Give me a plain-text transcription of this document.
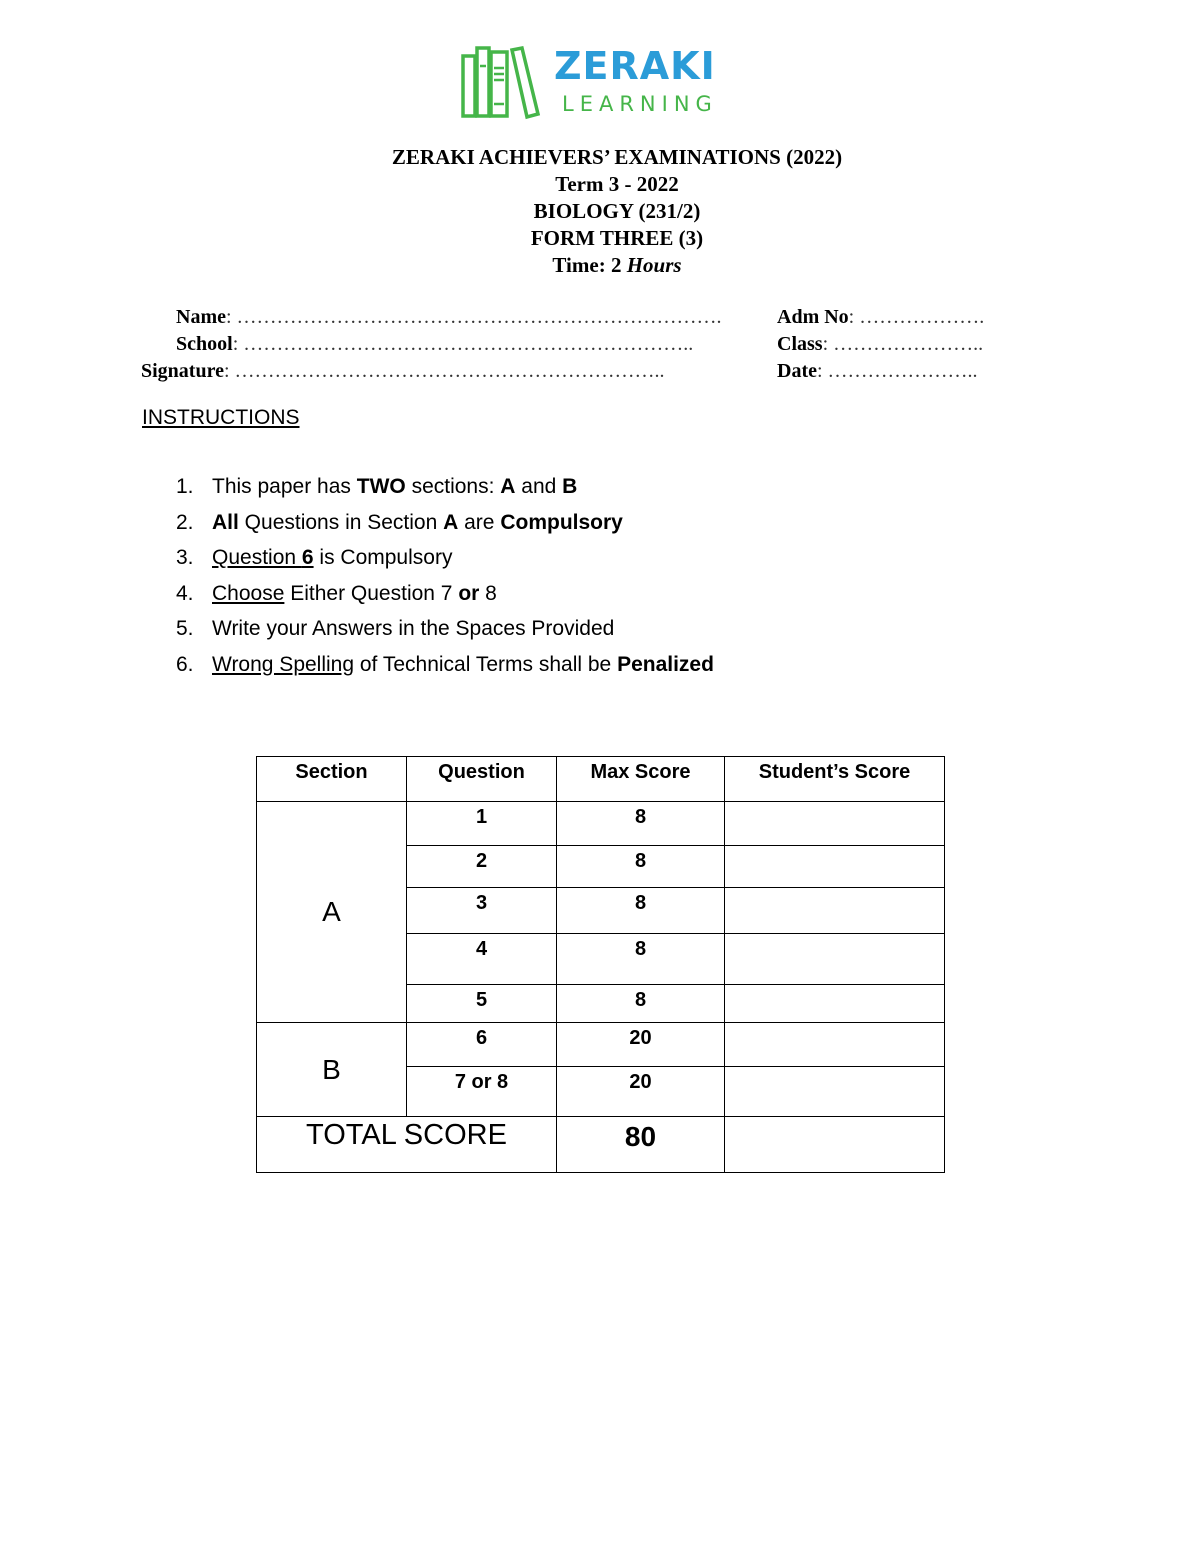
ZERAKI
LEARNING
ZERAKI ACHIEVERS’ EXAMINATIONS (2022)
Term 3 - 2022
BIOLOGY (231/2)
FORM THREE (3)
Time: 2 Hours
Name: ……………………………………………………………….
School: …………………………………………………………..
Signature: ………………………………………………………..
Adm No: ……………….
Class: …………………..
Date: …………………..
INSTRUCTIONS
1. This paper has TWO sections: A and B
2. All Questions in Section A are Compulsory
3. Question 6 is Compulsory
4. Choose Either Question 7 or 8
5. Write your Answers in the Spaces Provided
6. Wrong Spelling of Technical Terms shall be Penalized
Section	Question	Max Score	Student’s Score
A	1	8	
	2	8	
	3	8	
	4	8	
	5	8	
B	6	20	
	7 or 8	20	
TOTAL SCORE		80	
